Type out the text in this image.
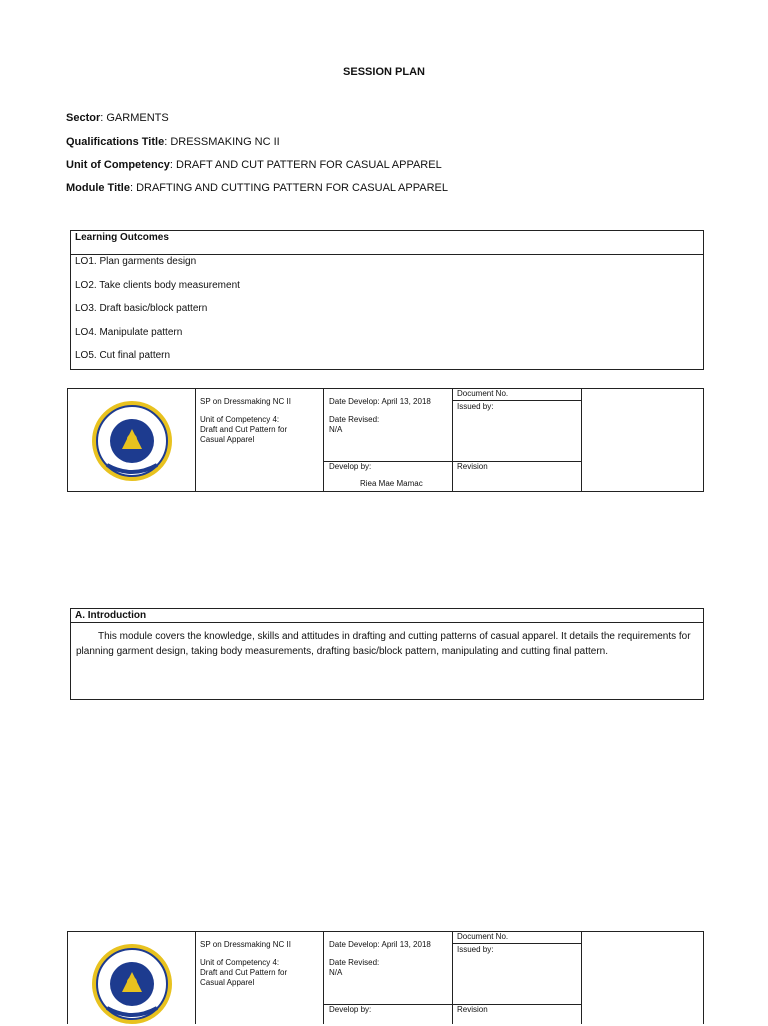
SESSION PLAN
Sector: GARMENTS
Qualifications Title: DRESSMAKING NC II
Unit of Competency: DRAFT AND CUT PATTERN FOR CASUAL APPAREL
Module Title: DRAFTING AND CUTTING PATTERN FOR CASUAL APPAREL
Learning Outcomes
LO1. Plan garments design
LO2. Take clients body measurement
LO3. Draft basic/block pattern
LO4. Manipulate pattern
LO5. Cut final pattern
SP on Dressmaking NC II
Unit of Competency 4:
Draft and Cut Pattern for
Casual Apparel
Date Develop: April 13, 2018
Date Revised:
N/A
Develop by:
Riea Mae Mamac
Document No.
Issued by:
Revision
A. Introduction
This module covers the knowledge, skills and attitudes in drafting and cutting patterns of casual apparel. It details the requirements for planning garment design, taking body measurements, drafting basic/block pattern, manipulating and cutting final pattern.
SP on Dressmaking NC II
Unit of Competency 4:
Draft and Cut Pattern for
Casual Apparel
Date Develop: April 13, 2018
Date Revised:
N/A
Develop by:
Document No.
Issued by:
Revision
